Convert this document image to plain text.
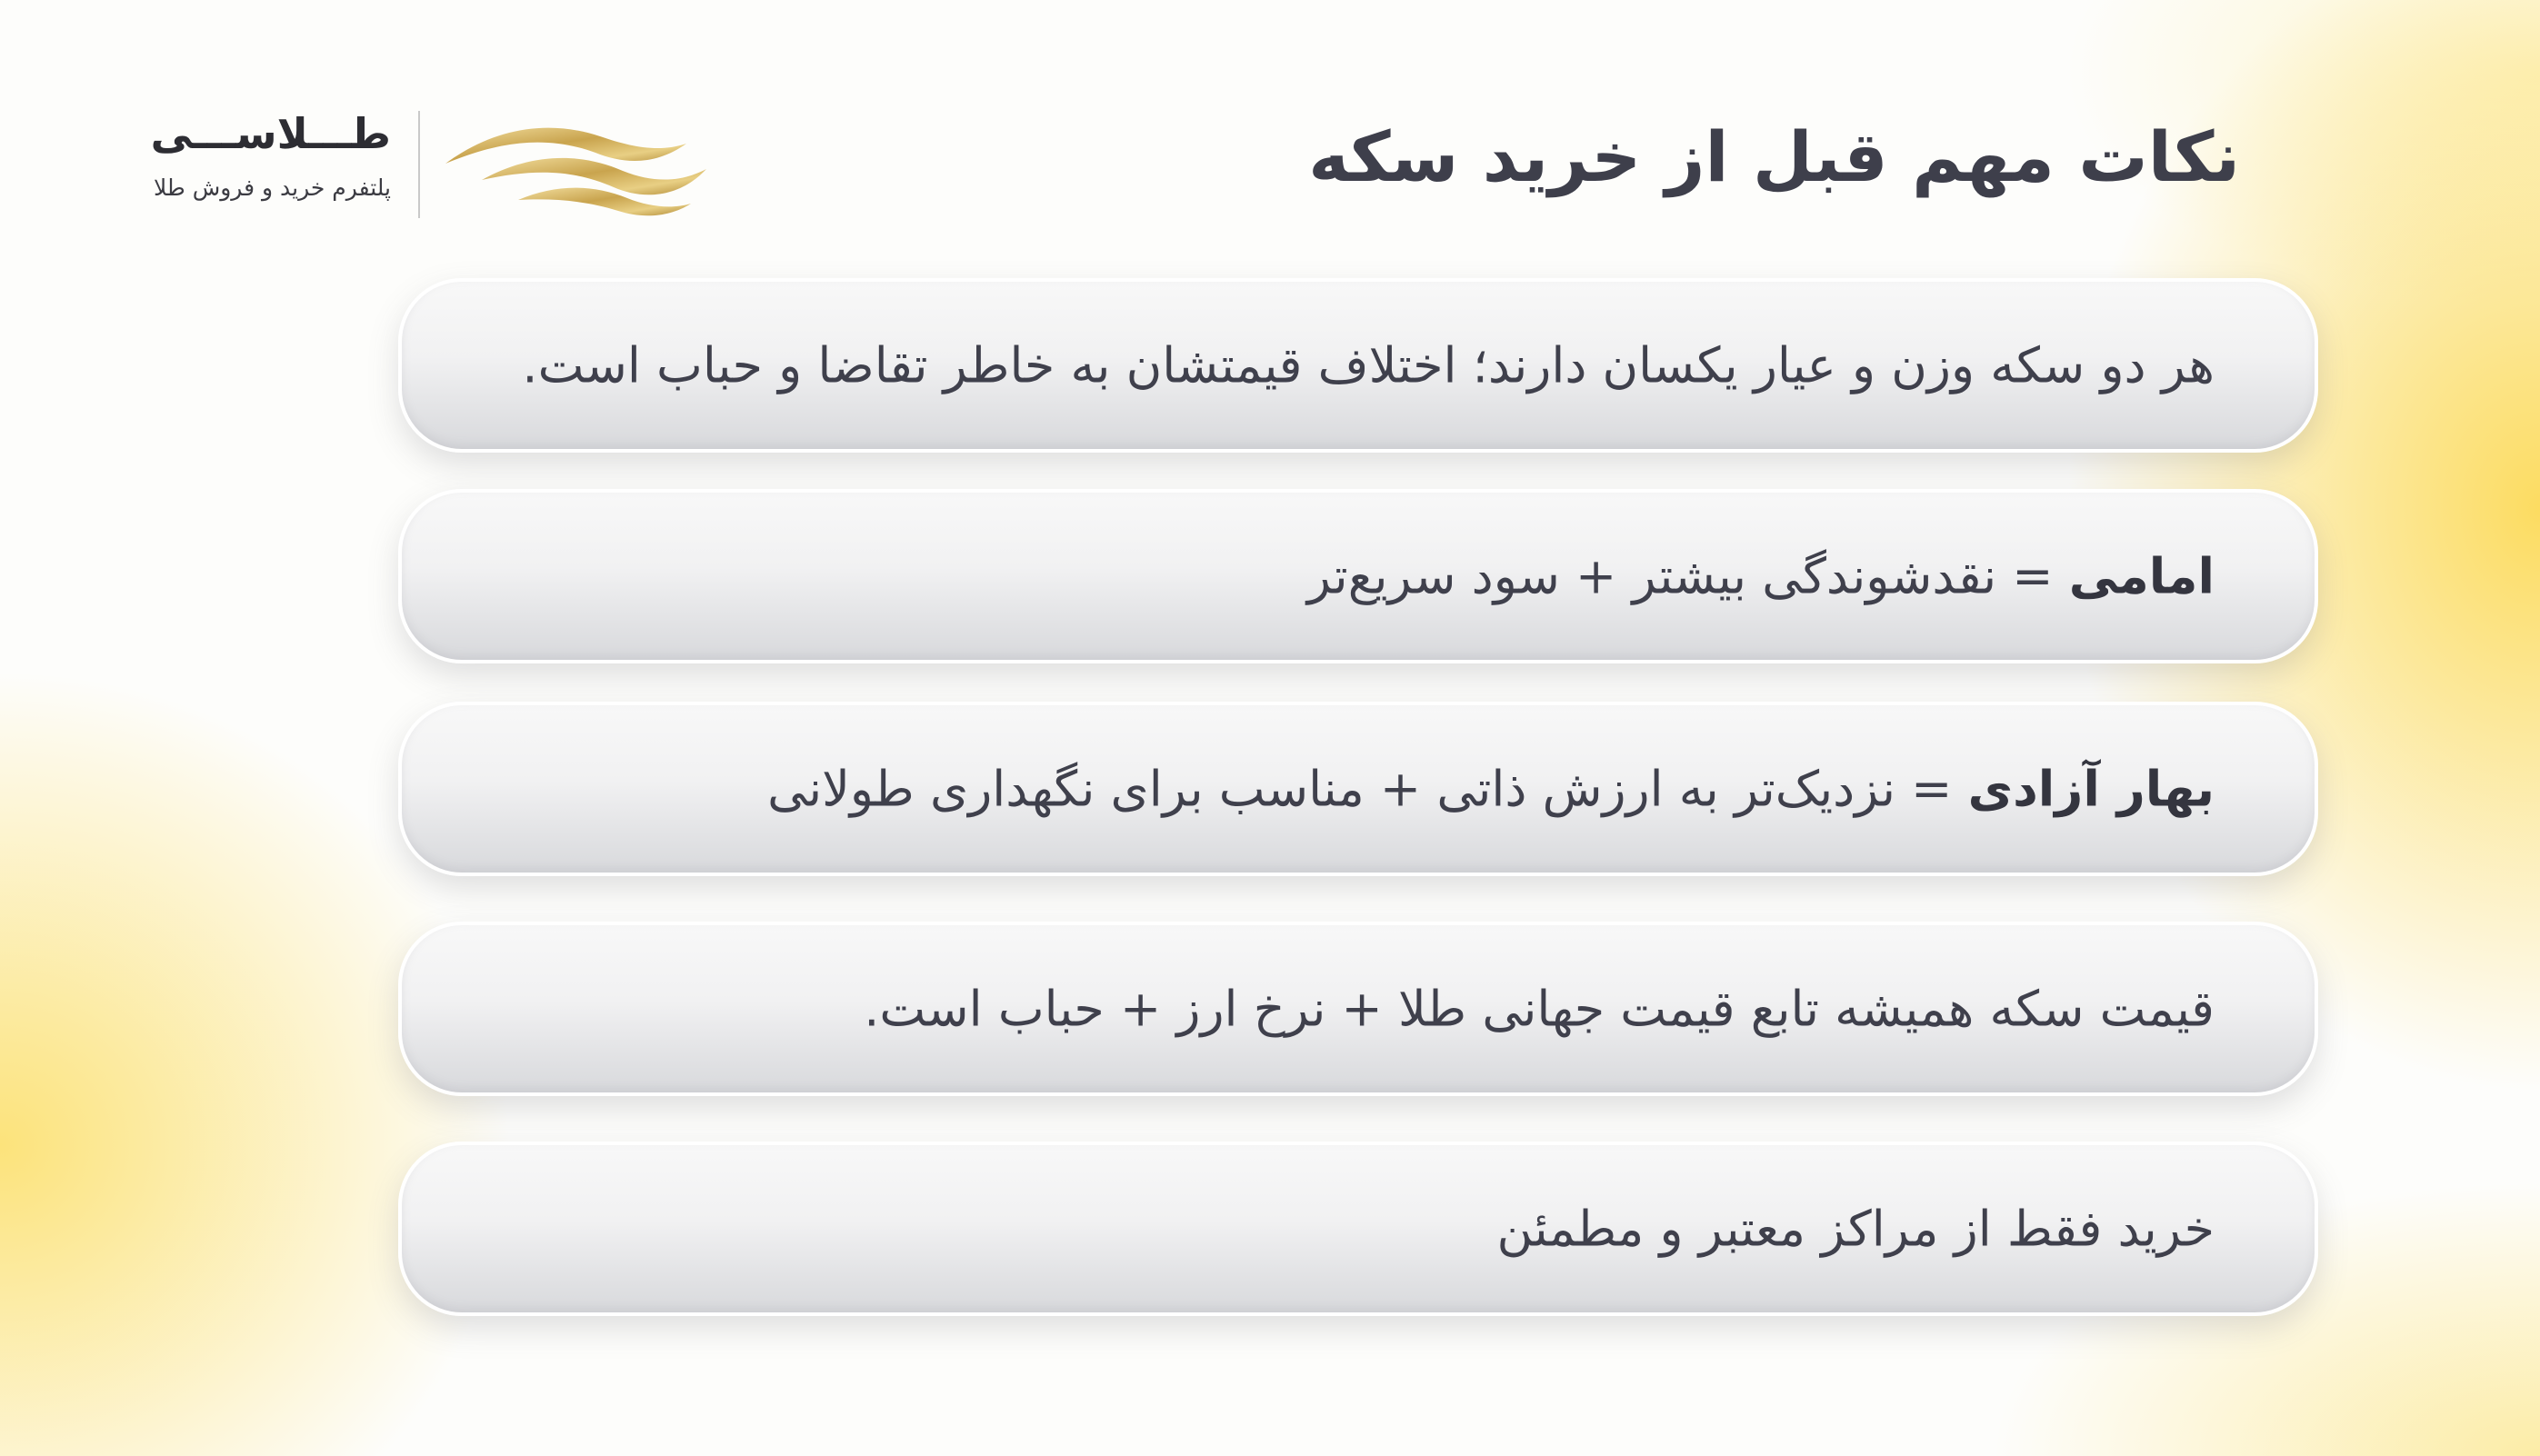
طـــلاســـی
پلتفرم خرید و فروش طلا	نکات مهم قبل از خرید سکه
هر دو سکه وزن و عیار یکسان دارند؛ اختلاف قیمتشان به خاطر تقاضا و حباب است.
امامی = نقدشوندگی بیشتر + سود سریع‌تر
بهار آزادی = نزدیک‌تر به ارزش ذاتی + مناسب برای نگهداری طولانی
قیمت سکه همیشه تابع قیمت جهانی طلا + نرخ ارز + حباب است.
خرید فقط از مراکز معتبر و مطمئن
